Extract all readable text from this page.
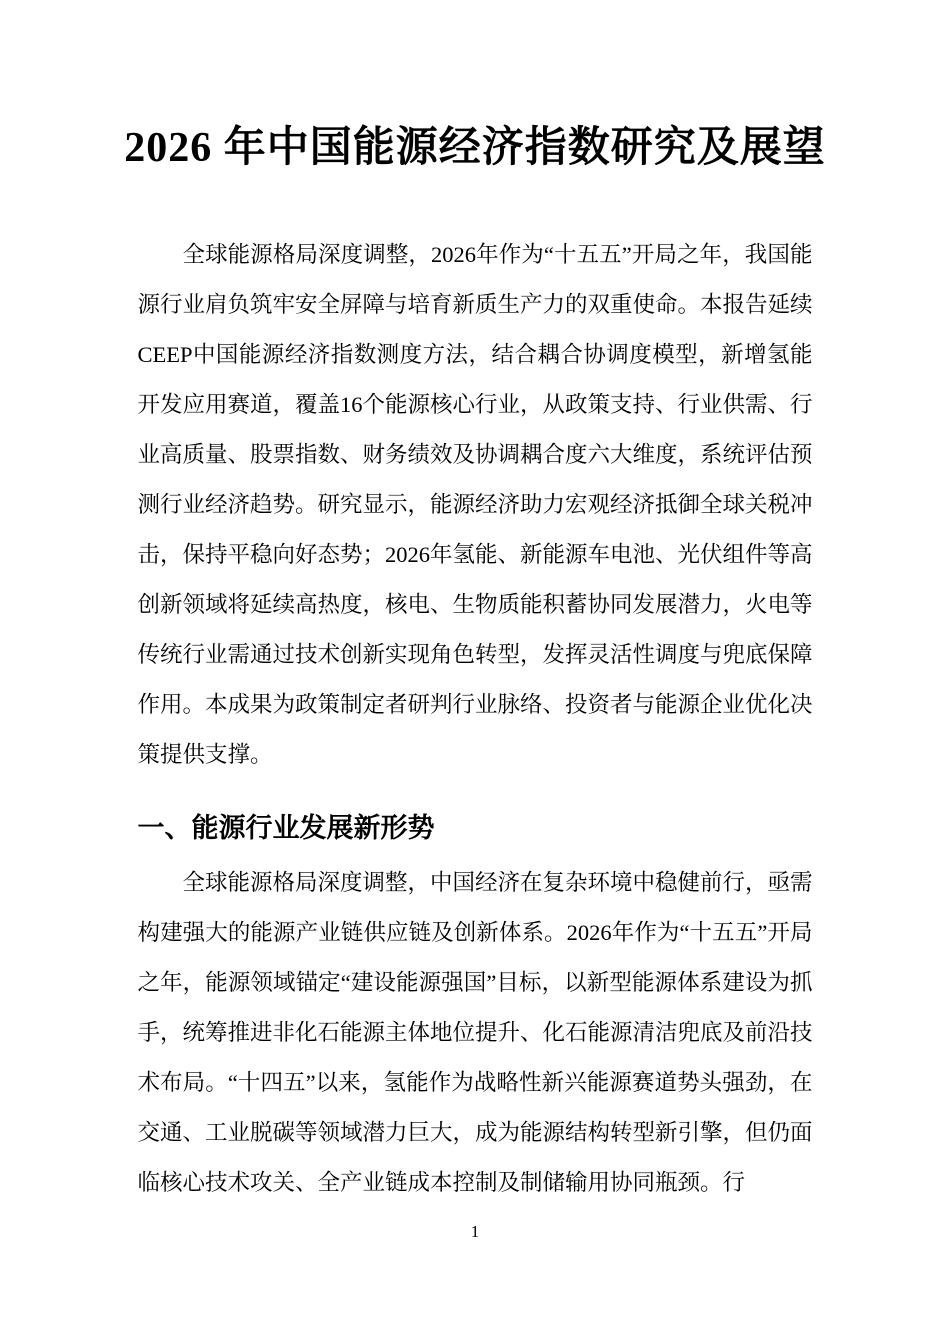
2026 年中国能源经济指数研究及展望

全球能源格局深度调整，2026年作为“十五五”开局之年，我国能源行业肩负筑牢安全屏障与培育新质生产力的双重使命。本报告延续CEEP中国能源经济指数测度方法，结合耦合协调度模型，新增氢能开发应用赛道，覆盖16个能源核心行业，从政策支持、行业供需、行业高质量、股票指数、财务绩效及协调耦合度六大维度，系统评估预测行业经济趋势。研究显示，能源经济助力宏观经济抵御全球关税冲击，保持平稳向好态势；2026年氢能、新能源车电池、光伏组件等高创新领域将延续高热度，核电、生物质能积蓄协同发展潜力，火电等传统行业需通过技术创新实现角色转型，发挥灵活性调度与兜底保障作用。本成果为政策制定者研判行业脉络、投资者与能源企业优化决策提供支撑。

一、能源行业发展新形势

全球能源格局深度调整，中国经济在复杂环境中稳健前行，亟需构建强大的能源产业链供应链及创新体系。2026年作为“十五五”开局之年，能源领域锚定“建设能源强国”目标，以新型能源体系建设为抓手，统筹推进非化石能源主体地位提升、化石能源清洁兜底及前沿技术布局。“十四五”以来，氢能作为战略性新兴能源赛道势头强劲，在交通、工业脱碳等领域潜力巨大，成为能源结构转型新引擎，但仍面临核心技术攻关、全产业链成本控制及制储输用协同瓶颈。行

1
